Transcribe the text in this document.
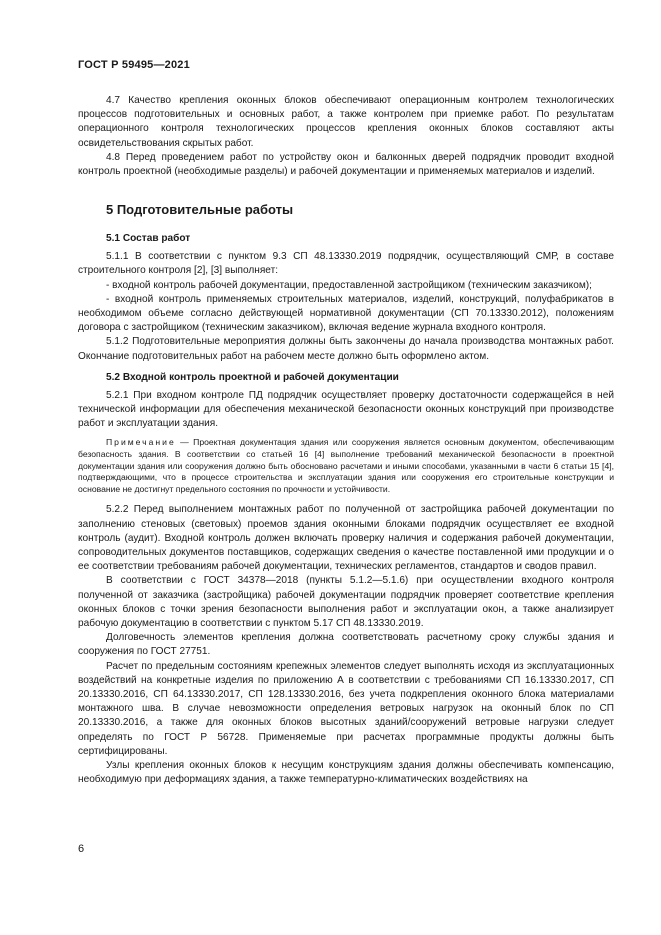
ГОСТ Р 59495—2021

4.7 Качество крепления оконных блоков обеспечивают операционным контролем технологических процессов подготовительных и основных работ, а также контролем при приемке работ. По результатам операционного контроля технологических процессов крепления оконных блоков составляют акты освидетельствования скрытых работ.

4.8 Перед проведением работ по устройству окон и балконных дверей подрядчик проводит входной контроль проектной (необходимые разделы) и рабочей документации и применяемых материалов и изделий.

5 Подготовительные работы
5.1 Состав работ

5.1.1 В соответствии с пунктом 9.3 СП 48.13330.2019 подрядчик, осуществляющий СМР, в составе строительного контроля [2], [3] выполняет:

- входной контроль рабочей документации, предоставленной застройщиком (техническим заказчиком);

- входной контроль применяемых строительных материалов, изделий, конструкций, полуфабрикатов в необходимом объеме согласно действующей нормативной документации (СП 70.13330.2012), положениям договора с застройщиком (техническим заказчиком), включая ведение журнала входного контроля.

5.1.2 Подготовительные мероприятия должны быть закончены до начала производства монтажных работ. Окончание подготовительных работ на рабочем месте должно быть оформлено актом.

5.2 Входной контроль проектной и рабочей документации

5.2.1 При входном контроле ПД подрядчик осуществляет проверку достаточности содержащейся в ней технической информации для обеспечения механической безопасности оконных конструкций при производстве работ и эксплуатации здания.

Примечание — Проектная документация здания или сооружения является основным документом, обеспечивающим безопасность здания. В соответствии со статьей 16 [4] выполнение требований механической безопасности в проектной документации здания или сооружения должно быть обосновано расчетами и иными способами, указанными в части 6 статьи 15 [4], подтверждающими, что в процессе строительства и эксплуатации здания или сооружения его строительные конструкции и основание не достигнут предельного состояния по прочности и устойчивости.

5.2.2 Перед выполнением монтажных работ по полученной от застройщика рабочей документации по заполнению стеновых (световых) проемов здания оконными блоками подрядчик осуществляет ее входной контроль (аудит). Входной контроль должен включать проверку наличия и содержания рабочей документации, сопроводительных документов поставщиков, содержащих сведения о качестве поставленной ими продукции и о ее соответствии требованиям рабочей документации, технических регламентов, стандартов и сводов правил.

В соответствии с ГОСТ 34378—2018 (пункты 5.1.2—5.1.6) при осуществлении входного контроля полученной от заказчика (застройщика) рабочей документации подрядчик проверяет соответствие крепления оконных блоков с точки зрения безопасности выполнения работ и эксплуатации окон, а также анализирует рабочую документацию в соответствии с пунктом 5.17 СП 48.13330.2019.

Долговечность элементов крепления должна соответствовать расчетному сроку службы здания и сооружения по ГОСТ 27751.

Расчет по предельным состояниям крепежных элементов следует выполнять исходя из эксплуатационных воздействий на конкретные изделия по приложению А в соответствии с требованиями СП 16.13330.2017, СП 20.13330.2016, СП 64.13330.2017, СП 128.13330.2016, без учета подкрепления оконного блока материалами монтажного шва. В случае невозможности определения ветровых нагрузок на оконный блок по СП 20.13330.2016, а также для оконных блоков высотных зданий/сооружений ветровые нагрузки следует определять по ГОСТ Р 56728. Применяемые при расчетах программные продукты должны быть сертифицированы.

Узлы крепления оконных блоков к несущим конструкциям здания должны обеспечивать компенсацию, необходимую при деформациях здания, а также температурно-климатических воздействиях на

6
